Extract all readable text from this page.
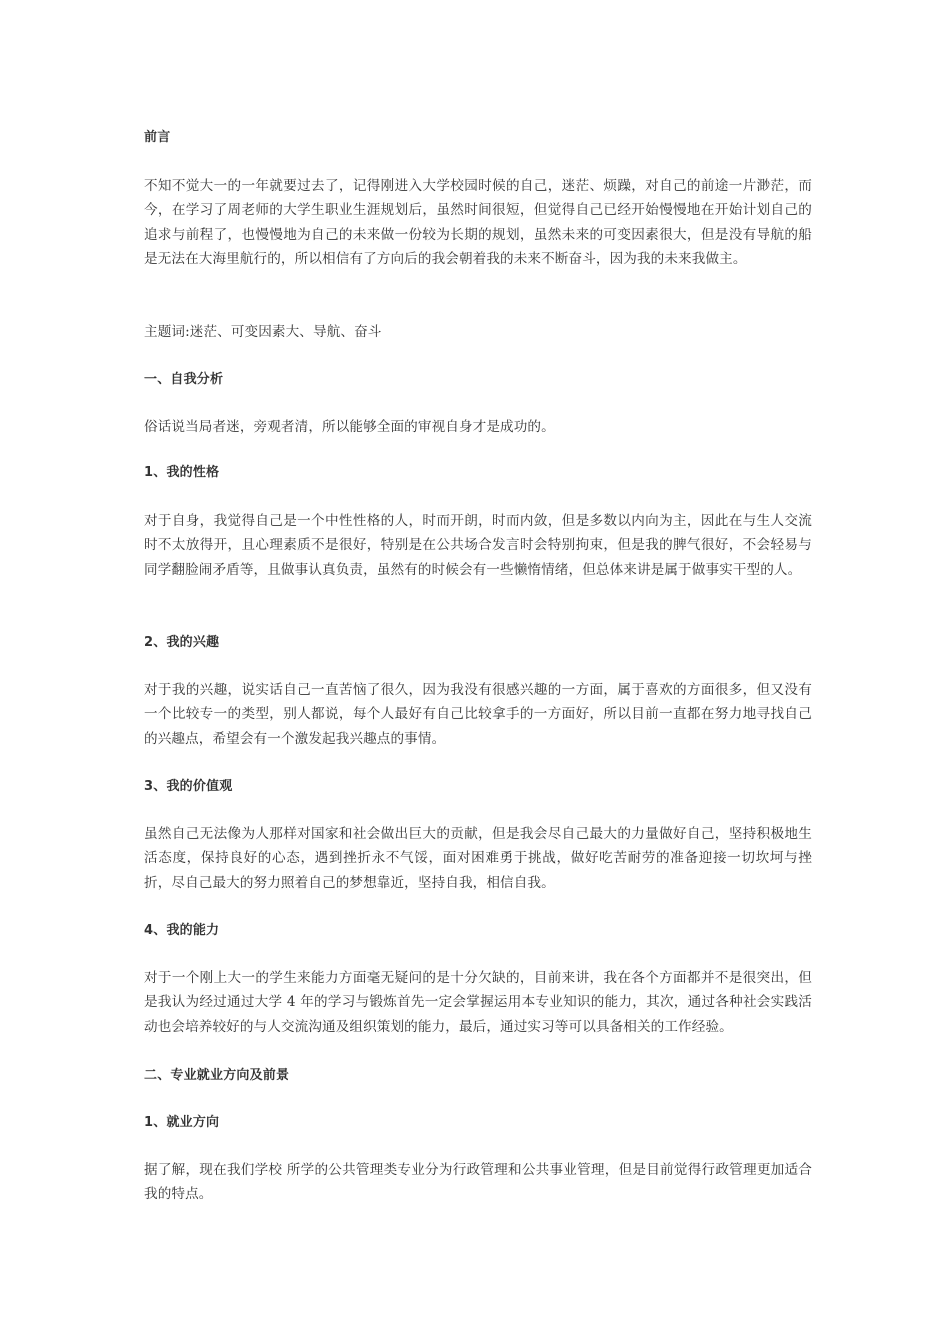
前言

不知不觉大一的一年就要过去了，记得刚进入大学校园时候的自己，迷茫、烦躁，对自己的前途一片渺茫，而今，在学习了周老师的大学生职业生涯规划后，虽然时间很短，但觉得自己已经开始慢慢地在开始计划自己的追求与前程了，也慢慢地为自己的未来做一份较为长期的规划，虽然未来的可变因素很大，但是没有导航的船是无法在大海里航行的，所以相信有了方向后的我会朝着我的未来不断奋斗，因为我的未来我做主。

主题词:迷茫、可变因素大、导航、奋斗

一、自我分析

俗话说当局者迷，旁观者清，所以能够全面的审视自身才是成功的。

1、我的性格

对于自身，我觉得自己是一个中性性格的人，时而开朗，时而内敛，但是多数以内向为主，因此在与生人交流时不太放得开，且心理素质不是很好，特别是在公共场合发言时会特别拘束，但是我的脾气很好，不会轻易与同学翻脸闹矛盾等，且做事认真负责，虽然有的时候会有一些懒惰情绪，但总体来讲是属于做事实干型的人。

2、我的兴趣

对于我的兴趣，说实话自己一直苦恼了很久，因为我没有很感兴趣的一方面，属于喜欢的方面很多，但又没有一个比较专一的类型，别人都说，每个人最好有自己比较拿手的一方面好，所以目前一直都在努力地寻找自己的兴趣点，希望会有一个激发起我兴趣点的事情。

3、我的价值观

虽然自己无法像为人那样对国家和社会做出巨大的贡献，但是我会尽自己最大的力量做好自己，坚持积极地生活态度，保持良好的心态，遇到挫折永不气馁，面对困难勇于挑战，做好吃苦耐劳的准备迎接一切坎坷与挫折，尽自己最大的努力照着自己的梦想靠近，坚持自我，相信自我。

4、我的能力

对于一个刚上大一的学生来能力方面毫无疑问的是十分欠缺的，目前来讲，我在各个方面都并不是很突出，但是我认为经过通过大学 4 年的学习与锻炼首先一定会掌握运用本专业知识的能力，其次，通过各种社会实践活动也会培养较好的与人交流沟通及组织策划的能力，最后，通过实习等可以具备相关的工作经验。

二、专业就业方向及前景

1、就业方向

据了解，现在我们学校 所学的公共管理类专业分为行政管理和公共事业管理，但是目前觉得行政管理更加适合我的特点。
